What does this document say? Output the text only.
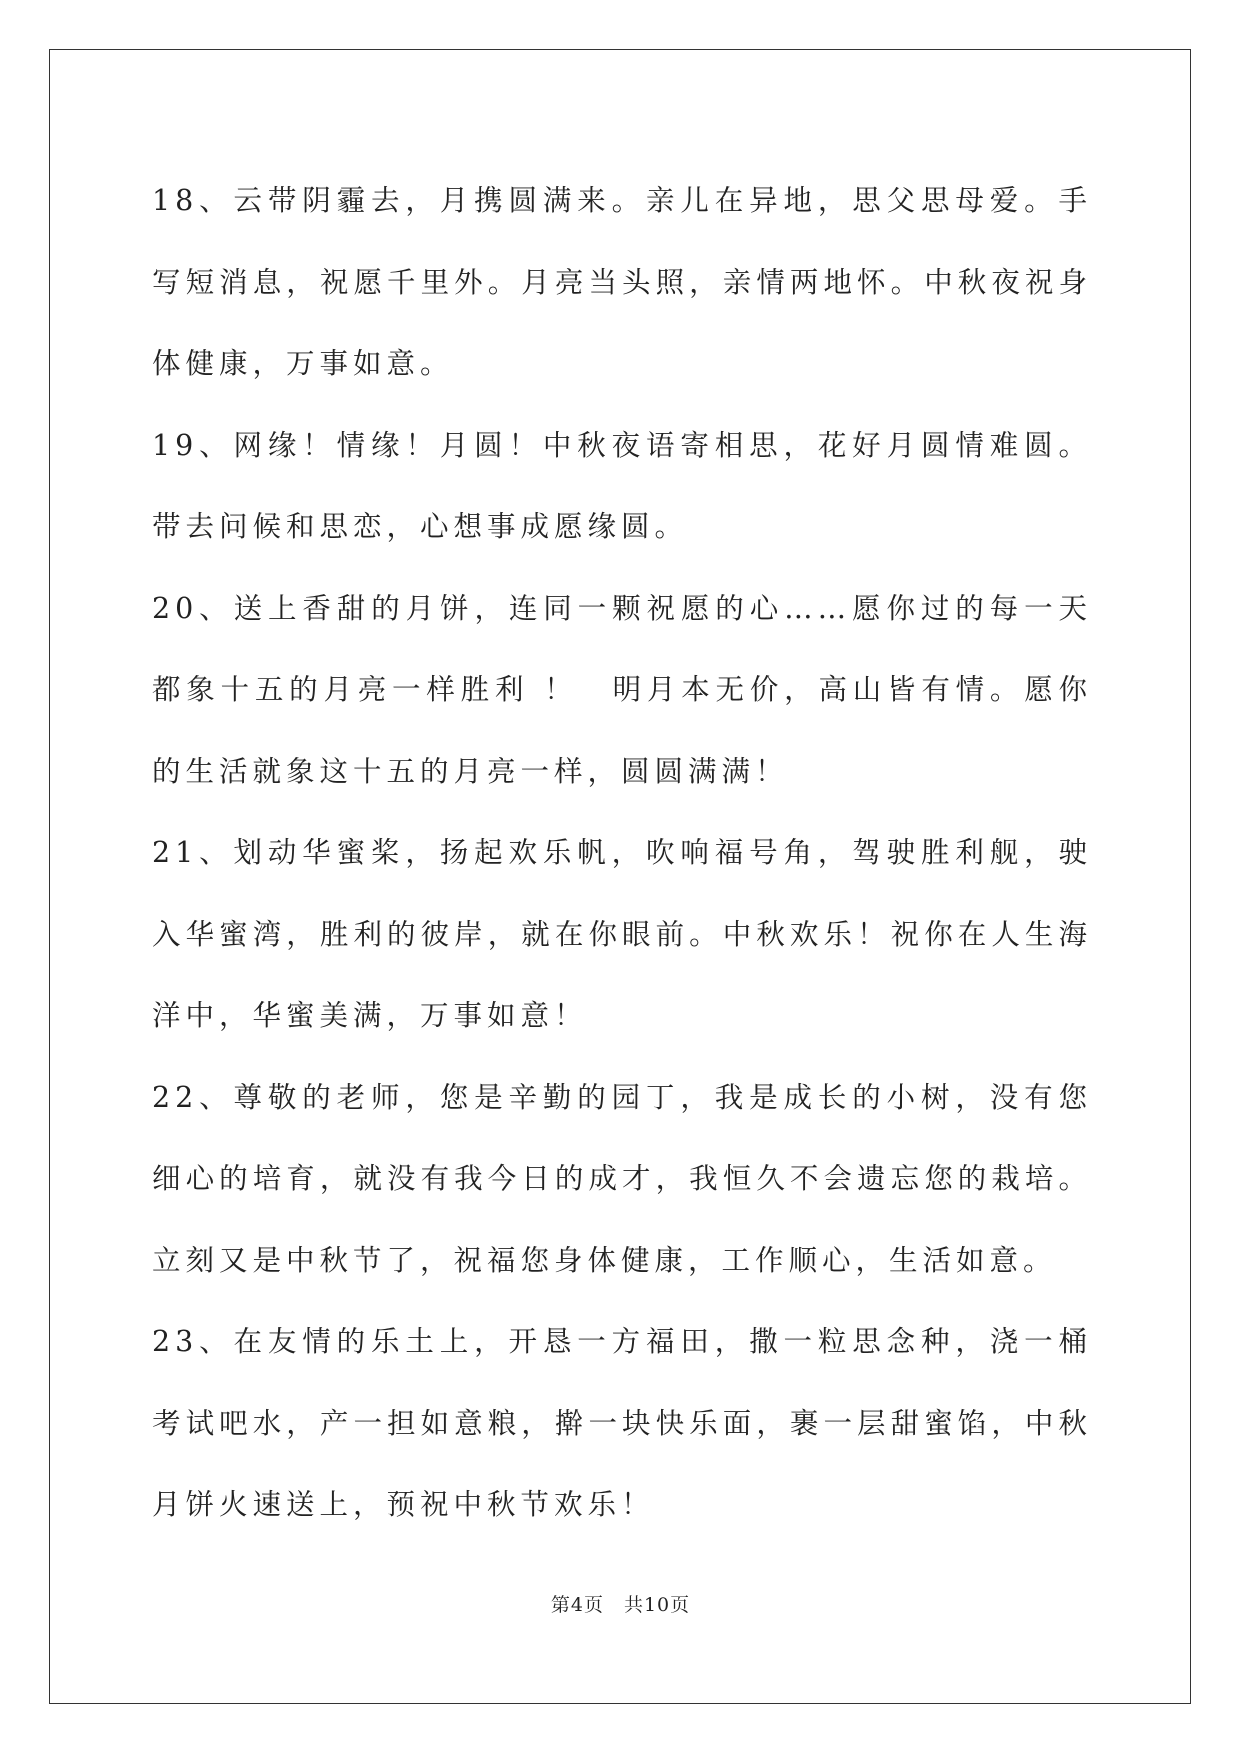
18、云带阴霾去，月携圆满来。亲儿在异地，思父思母爱。手写短消息，祝愿千里外。月亮当头照，亲情两地怀。中秋夜祝身体健康，万事如意。

19、网缘！情缘！月圆！中秋夜语寄相思，花好月圆情难圆。带去问候和思恋，心想事成愿缘圆。

20、送上香甜的月饼，连同一颗祝愿的心……愿你过的每一天都象十五的月亮一样胜利 ！　明月本无价，高山皆有情。愿你的生活就象这十五的月亮一样，圆圆满满！

21、划动华蜜桨，扬起欢乐帆，吹响福号角，驾驶胜利舰，驶入华蜜湾，胜利的彼岸，就在你眼前。中秋欢乐！祝你在人生海洋中，华蜜美满，万事如意！

22、尊敬的老师，您是辛勤的园丁，我是成长的小树，没有您细心的培育，就没有我今日的成才，我恒久不会遗忘您的栽培。立刻又是中秋节了，祝福您身体健康，工作顺心，生活如意。

23、在友情的乐土上，开恳一方福田，撒一粒思念种，浇一桶考试吧水，产一担如意粮，擀一块快乐面，裹一层甜蜜馅，中秋月饼火速送上，预祝中秋节欢乐！

第4页　共10页
